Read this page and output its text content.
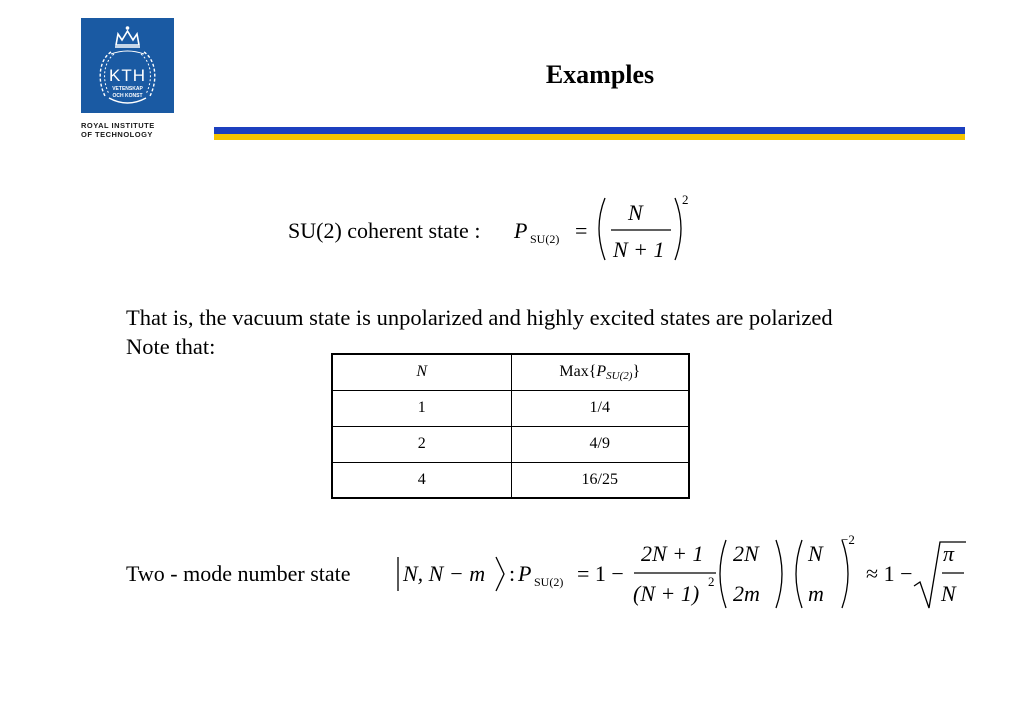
KTH
VETENSKAP
OCH KONST
ROYAL INSTITUTE
OF TECHNOLOGY
Examples
SU(2) coherent state : P SU(2) =
N
N + 1
2
That is, the vacuum state is unpolarized and highly excited states are polarized
Note that:
N	Max{PSU(2)}
1	1/4
2	4/9
4	16/25
Two - mode number state N, N − m : P SU(2) = 1 −
2N + 1
(N + 1) 2
2N
2m
N
m
−2
≈ 1 −
π
N
